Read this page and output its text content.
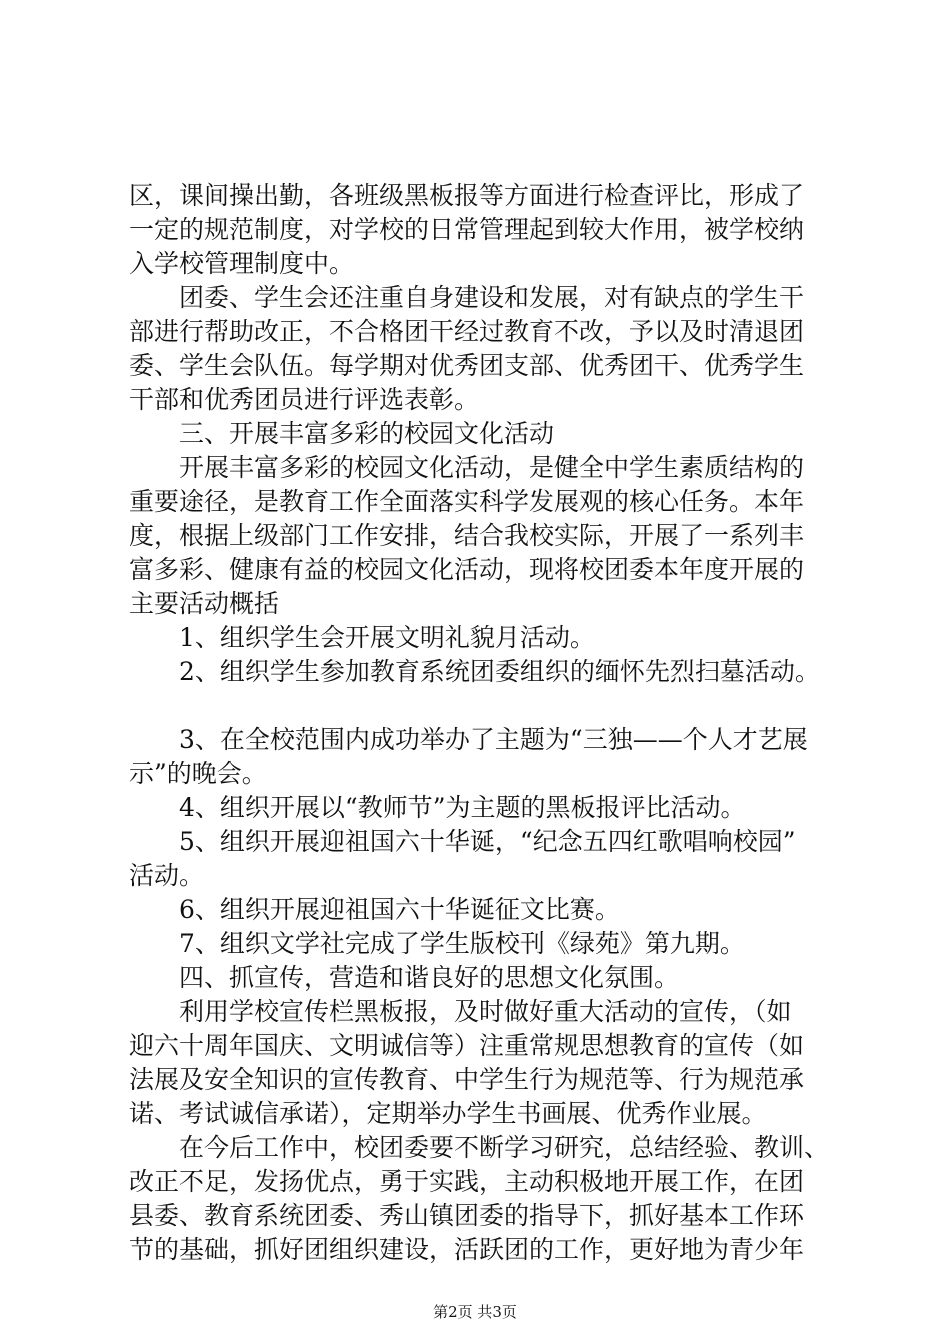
区，课间操出勤，各班级黑板报等方面进行检查评比，形成了
一定的规范制度，对学校的日常管理起到较大作用，被学校纳
入学校管理制度中。
　　团委、学生会还注重自身建设和发展，对有缺点的学生干
部进行帮助改正，不合格团干经过教育不改，予以及时清退团
委、学生会队伍。每学期对优秀团支部、优秀团干、优秀学生
干部和优秀团员进行评选表彰。
　　三、开展丰富多彩的校园文化活动
　　开展丰富多彩的校园文化活动，是健全中学生素质结构的
重要途径，是教育工作全面落实科学发展观的核心任务。本年
度，根据上级部门工作安排，结合我校实际，开展了一系列丰
富多彩、健康有益的校园文化活动，现将校团委本年度开展的
主要活动概括
　　1、组织学生会开展文明礼貌月活动。
　　2、组织学生参加教育系统团委组织的缅怀先烈扫墓活动。
　　3、在全校范围内成功举办了主题为“三独——个人才艺展
示”的晚会。
　　4、组织开展以“教师节”为主题的黑板报评比活动。
　　5、组织开展迎祖国六十华诞，“纪念五四红歌唱响校园”
活动。
　　6、组织开展迎祖国六十华诞征文比赛。
　　7、组织文学社完成了学生版校刊《绿苑》第九期。
　　四、抓宣传，营造和谐良好的思想文化氛围。
　　利用学校宣传栏黑板报，及时做好重大活动的宣传，（如
迎六十周年国庆、文明诚信等）注重常规思想教育的宣传（如
法展及安全知识的宣传教育、中学生行为规范等、行为规范承
诺、考试诚信承诺），定期举办学生书画展、优秀作业展。
　　在今后工作中，校团委要不断学习研究，总结经验、教训、
改正不足，发扬优点，勇于实践，主动积极地开展工作，在团
县委、教育系统团委、秀山镇团委的指导下，抓好基本工作环
节的基础，抓好团组织建设，活跃团的工作，更好地为青少年
第2页 共3页
